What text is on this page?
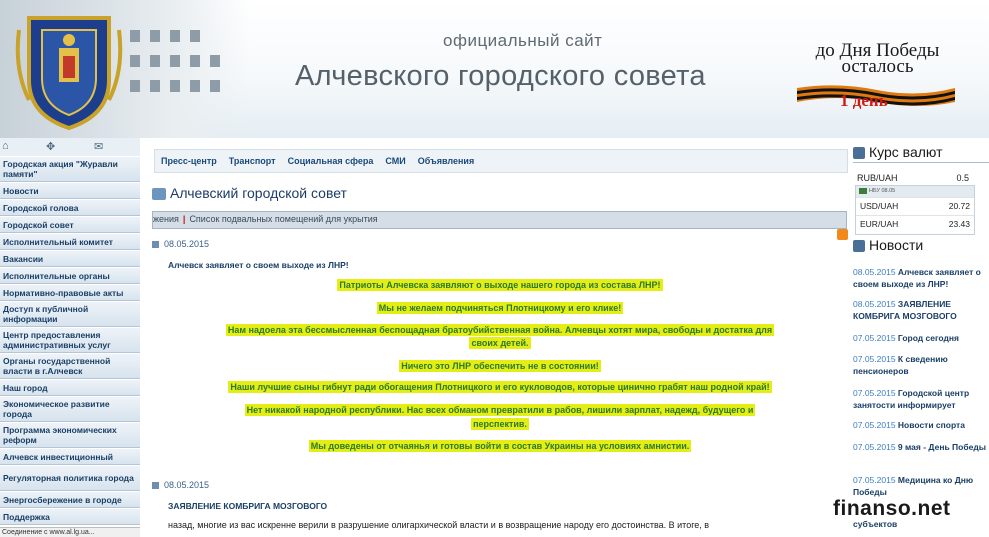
официальный сайт
Алчевского городского совета
до Дня Победы
осталось
1 день
⌂	✥	✉
Городская акция "Журавли памяти"
Новости
Городской голова
Городской совет
Исполнительный комитет
Вакансии
Исполнительные органы
Нормативно-правовые акты
Доступ к публичной информации
Центр предоставления административных услуг
Органы государственной власти в г.Алчевск
Наш город
Экономическое развитие города
Программа экономических реформ
Алчевск инвестиционный
Регуляторная политика города
Энергосбережение в городе
Поддержка
Пресс-центр Транспорт Социальная сфера СМИ Объявления
Алчевский городской совет
жения | Список подвальных помещений для укрытия
08.05.2015
Алчевск заявляет о своем выходе из ЛНР!
Патриоты Алчевска заявляют о выходе нашего города из состава ЛНР!
Мы не желаем подчиняться Плотницкому и его клике!
Нам надоела эта бессмысленная беспощадная братоубийственная война. Алчевцы хотят мира, свободы и достатка для
своих детей.
Ничего это ЛНР обеспечить не в состоянии!
Наши лучшие сыны гибнут ради обогащения Плотницкого и его кукловодов, которые цинично грабят наш родной край!
Нет никакой народной республики. Нас всех обманом превратили в рабов, лишили зарплат, надежд, будущего и
перспектив.
Мы доведены от отчаянья и готовы войти в состав Украины на условиях амнистии.
08.05.2015
ЗАЯВЛЕНИЕ КОМБРИГА МОЗГОВОГО
назад, многие из вас искренне верили в разрушение олигархической власти и в возвращение народу его достоинства. В итоге, в
Курс валют
RUB/UAH	0.5
НБУ 08.05
USD/UAH	20.72
EUR/UAH	23.43
Новости
08.05.2015 Алчевск заявляет о своем выходе из ЛНР!
08.05.2015 ЗАЯВЛЕНИЕ КОМБРИГА МОЗГОВОГО
07.05.2015 Город сегодня
07.05.2015 К сведению пенсионеров
07.05.2015 Городской центр занятости информирует
07.05.2015 Новости спорта
07.05.2015 9 мая - День Победы
07.05.2015 Медицина ко Дню Победы
субъектов
Соединение с www.al.lg.ua...
finanso.net
